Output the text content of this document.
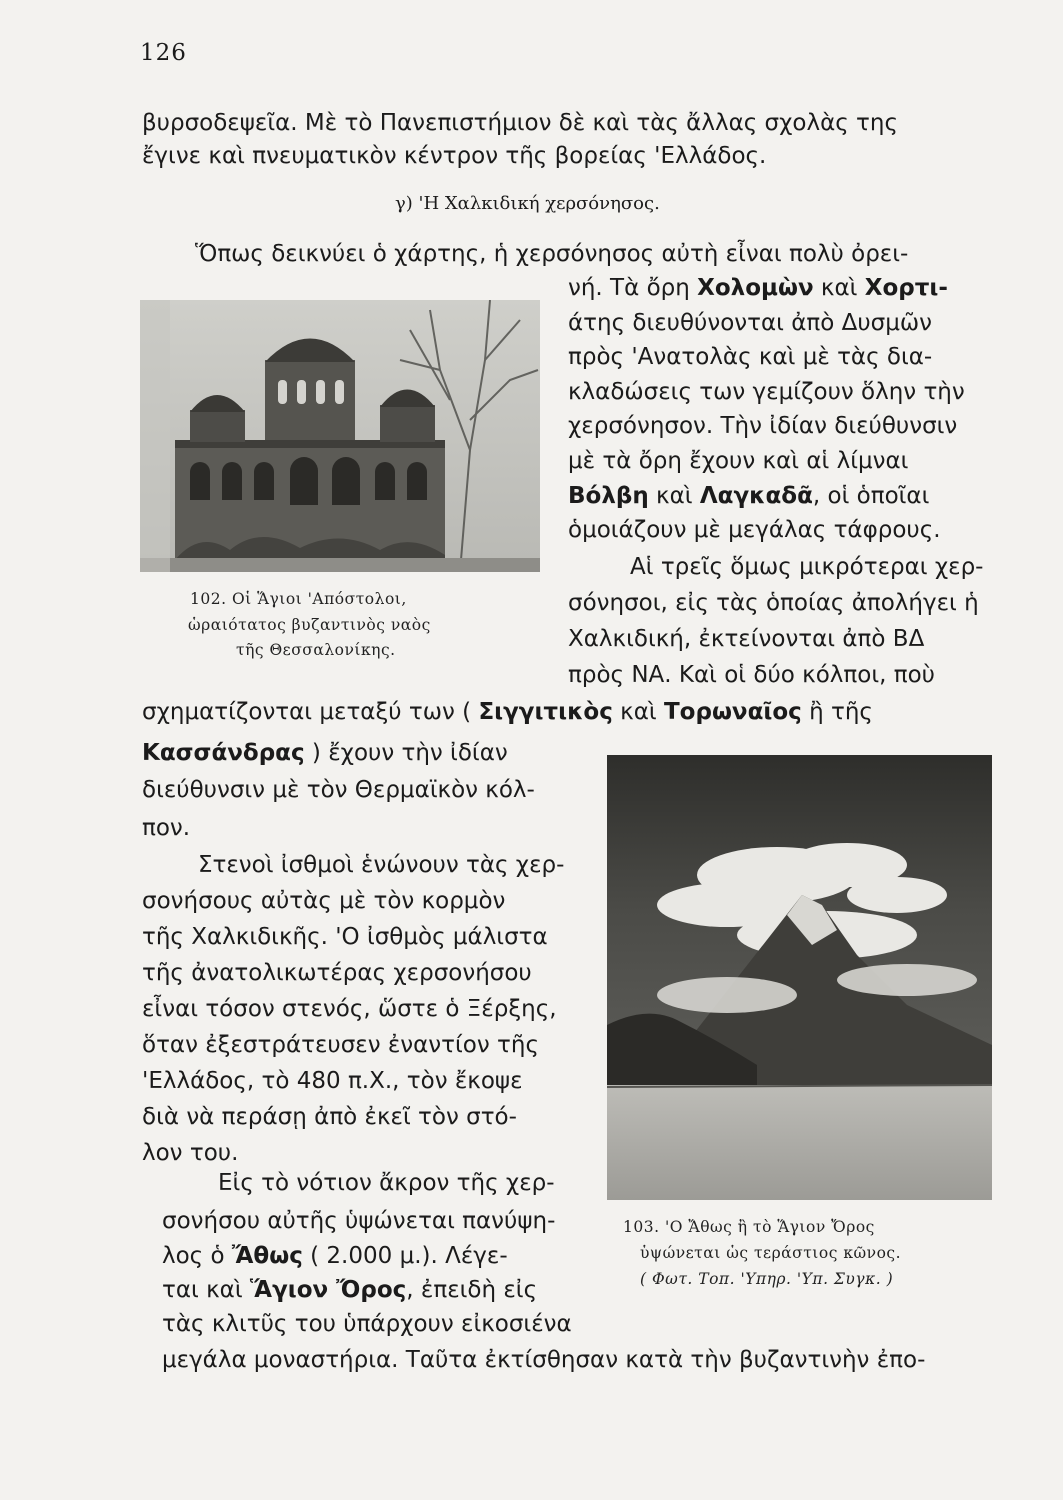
126
βυρσοδεψεῖα. Μὲ τὸ Πανεπιστήμιον δὲ καὶ τὰς ἄλλας σχολὰς της
ἔγινε καὶ πνευματικὸν κέντρον τῆς βορείας 'Ελλάδος.
γ) 'Η Χαλκιδική χερσόνησος.
Ὅπως δεικνύει ὁ χάρτης, ἡ χερσόνησος αὐτὴ εἶναι πολὺ ὀρει-
νή. Τὰ ὄρη Χολομὼν καὶ Χορτι-
άτης διευθύνονται ἀπὸ Δυσμῶν
πρὸς 'Ανατολὰς καὶ μὲ τὰς δια-
κλαδώσεις των γεμίζουν ὅλην τὴν
χερσόνησον. Τὴν ἰδίαν διεύθυνσιν
μὲ τὰ ὄρη ἔχουν καὶ αἱ λίμναι
Βόλβη καὶ Λαγκαδᾶ, οἱ ὁποῖαι
ὁμοιάζουν μὲ μεγάλας τάφρους.
Αἱ τρεῖς ὅμως μικρότεραι χερ-
σόνησοι, εἰς τὰς ὁποίας ἀπολήγει ἡ
Χαλκιδική, ἐκτείνονται ἀπὸ ΒΔ
πρὸς ΝΑ. Καὶ οἱ δύο κόλποι, ποὺ
σχηματίζονται μεταξύ των ( Σιγγιτικὸς καὶ Τορωναῖος ἢ τῆς
Κασσάνδρας ) ἔχουν τὴν ἰδίαν
διεύθυνσιν μὲ τὸν Θερμαϊκὸν κόλ-
πον.
Στενοὶ ἰσθμοὶ ἑνώνουν τὰς χερ-
σονήσους αὐτὰς μὲ τὸν κορμὸν
τῆς Χαλκιδικῆς. 'Ο ἰσθμὸς μάλιστα
τῆς ἀνατολικωτέρας χερσονήσου
εἶναι τόσον στενός, ὥστε ὁ Ξέρξης,
ὅταν ἐξεστράτευσεν ἐναντίον τῆς
'Ελλάδος, τὸ 480 π.Χ., τὸν ἔκοψε
διὰ νὰ περάσῃ ἀπὸ ἐκεῖ τὸν στό-
λον του.
Εἰς τὸ νότιον ἄκρον τῆς χερ-
σονήσου αὐτῆς ὑψώνεται πανύψη-
λος ὁ Ἄθως ( 2.000 μ.). Λέγε-
ται καὶ Ἅγιον Ὄρος, ἐπειδὴ εἰς
τὰς κλιτῦς του ὑπάρχουν εἰκοσιένα
μεγάλα μοναστήρια. Ταῦτα ἐκτίσθησαν κατὰ τὴν βυζαντινὴν ἐπο-
102. Οἱ Ἅγιοι 'Απόστολοι,
ὡραιότατος βυζαντινὸς ναὸς
τῆς Θεσσαλονίκης.
103. 'Ο Ἄθως ἢ τὸ Ἅγιον Ὄρος
ὑψώνεται ὡς τεράστιος κῶνος.
( Φωτ. Τοπ. 'Υπηρ. 'Υπ. Συγκ. )
